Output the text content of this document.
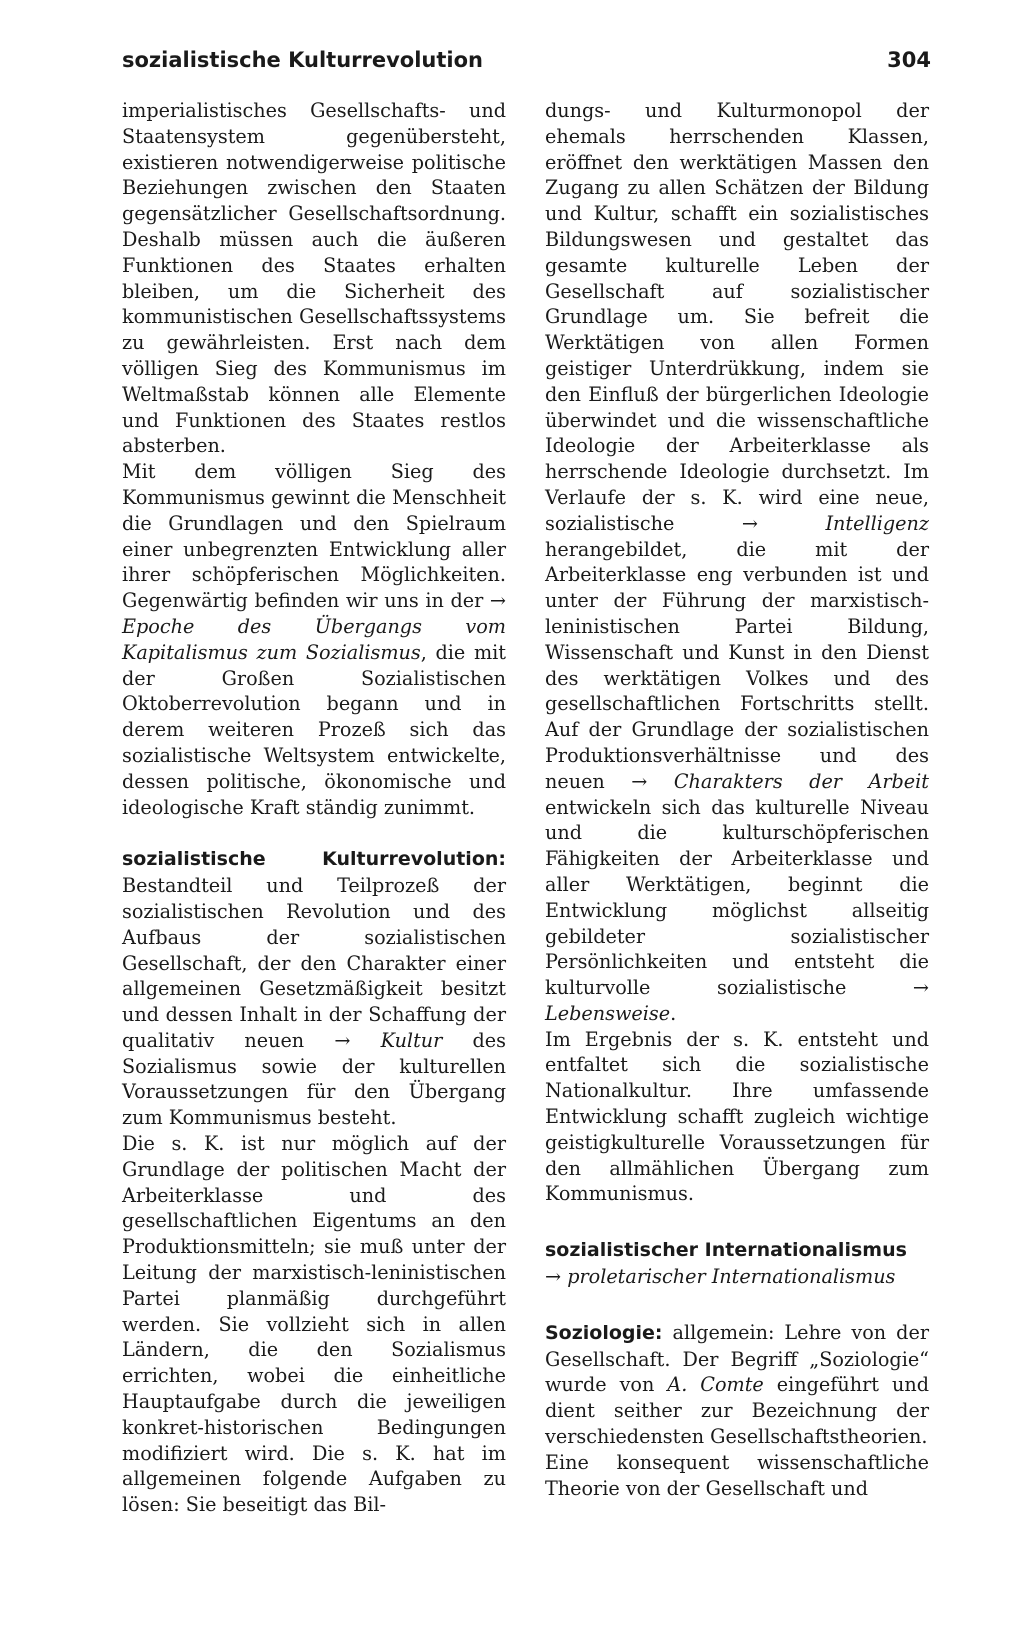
sozialistische Kulturrevolution	304

imperialistisches Gesellschafts- und Staatensystem gegenübersteht, existieren notwendigerweise politische Beziehungen zwischen den Staaten gegensätzlicher Gesellschaftsordnung. Deshalb müssen auch die äußeren Funktionen des Staates erhalten bleiben, um die Sicherheit des kommunistischen Gesellschaftssystems zu gewährleisten. Erst nach dem völligen Sieg des Kommunismus im Weltmaßstab können alle Elemente und Funktionen des Staates restlos absterben.

Mit dem völligen Sieg des Kommunismus gewinnt die Menschheit die Grundlagen und den Spielraum einer unbegrenzten Entwicklung aller ihrer schöpferischen Möglichkeiten. Gegenwärtig befinden wir uns in der → Epoche des Übergangs vom Kapitalismus zum Sozialismus, die mit der Großen Sozialistischen Oktoberrevolution begann und in derem weiteren Prozeß sich das sozialistische Weltsystem entwickelte, dessen politische, ökonomische und ideologische Kraft ständig zunimmt.

sozialistische Kulturrevolution: Bestandteil und Teilprozeß der sozialistischen Revolution und des Aufbaus der sozialistischen Gesellschaft, der den Charakter einer allgemeinen Gesetzmäßigkeit besitzt und dessen Inhalt in der Schaffung der qualitativ neuen → Kultur des Sozialismus sowie der kulturellen Voraussetzungen für den Übergang zum Kommunismus besteht.

Die s. K. ist nur möglich auf der Grundlage der politischen Macht der Arbeiterklasse und des gesellschaftlichen Eigentums an den Produktionsmitteln; sie muß unter der Leitung der marxistisch-leninistischen Partei planmäßig durchgeführt werden. Sie vollzieht sich in allen Ländern, die den Sozialismus errichten, wobei die einheitliche Hauptaufgabe durch die jeweiligen konkret-historischen Bedingungen modifiziert wird. Die s. K. hat im allgemeinen folgende Aufgaben zu lösen: Sie beseitigt das Bil-

dungs- und Kulturmonopol der ehemals herrschenden Klassen, eröffnet den werktätigen Massen den Zugang zu allen Schätzen der Bildung und Kultur, schafft ein sozialistisches Bildungswesen und gestaltet das gesamte kulturelle Leben der Gesellschaft auf sozialistischer Grundlage um. Sie befreit die Werktätigen von allen Formen geistiger Unterdrükkung, indem sie den Einfluß der bürgerlichen Ideologie überwindet und die wissenschaftliche Ideologie der Arbeiterklasse als herrschende Ideologie durchsetzt. Im Verlaufe der s. K. wird eine neue, sozialistische	→	Intelligenz herangebildet, die mit der Arbeiterklasse eng verbunden ist und unter der Führung der marxistisch-leninistischen Partei Bildung, Wissenschaft und Kunst in den Dienst des werktätigen Volkes und des gesellschaftlichen Fortschritts stellt. Auf der Grundlage der sozialistischen Produktionsverhältnisse und des neuen → Charakters der Arbeit entwickeln sich das kulturelle Niveau und die kulturschöpferischen Fähigkeiten der Arbeiterklasse und aller Werktätigen, beginnt die Entwicklung möglichst allseitig gebildeter sozialistischer Persönlichkeiten und entsteht die kulturvolle sozialistische	→ Lebensweise.

Im Ergebnis der s. K. entsteht und entfaltet sich die sozialistische Nationalkultur. Ihre umfassende Entwicklung schafft zugleich wichtige geistigkulturelle Voraussetzungen für den allmählichen Übergang zum Kommunismus.

sozialistischer Internationalismus
→ proletarischer Internationalismus

Soziologie: allgemein: Lehre von der Gesellschaft. Der Begriff „Soziologie“ wurde von A. Comte eingeführt und dient seither zur Bezeichnung der verschiedensten Gesellschaftstheorien.

Eine konsequent wissenschaftliche Theorie von der Gesellschaft und
